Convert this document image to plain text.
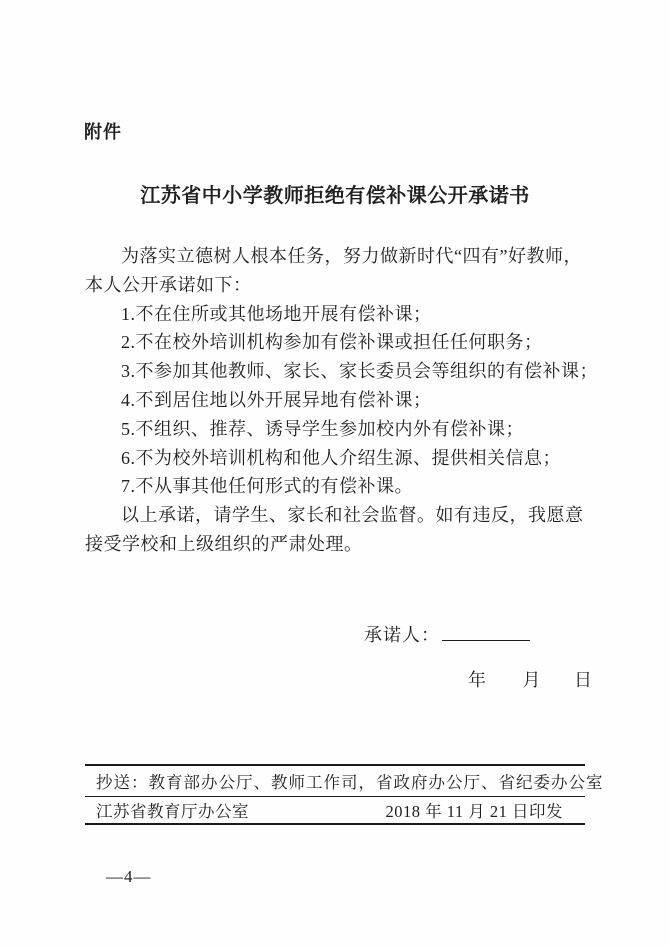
附件
江苏省中小学教师拒绝有偿补课公开承诺书
为落实立德树人根本任务，努力做新时代“四有”好教师，
本人公开承诺如下：
1.不在住所或其他场地开展有偿补课；
2.不在校外培训机构参加有偿补课或担任任何职务；
3.不参加其他教师、家长、家长委员会等组织的有偿补课；
4.不到居住地以外开展异地有偿补课；
5.不组织、推荐、诱导学生参加校内外有偿补课；
6.不为校外培训机构和他人介绍生源、提供相关信息；
7.不从事其他任何形式的有偿补课。
以上承诺，请学生、家长和社会监督。如有违反，我愿意
接受学校和上级组织的严肃处理。
承诺人：
年 月 日
抄送：教育部办公厅、教师工作司，省政府办公厅、省纪委办公室
江苏省教育厅办公室	2018 年 11 月 21 日印发
—4—
